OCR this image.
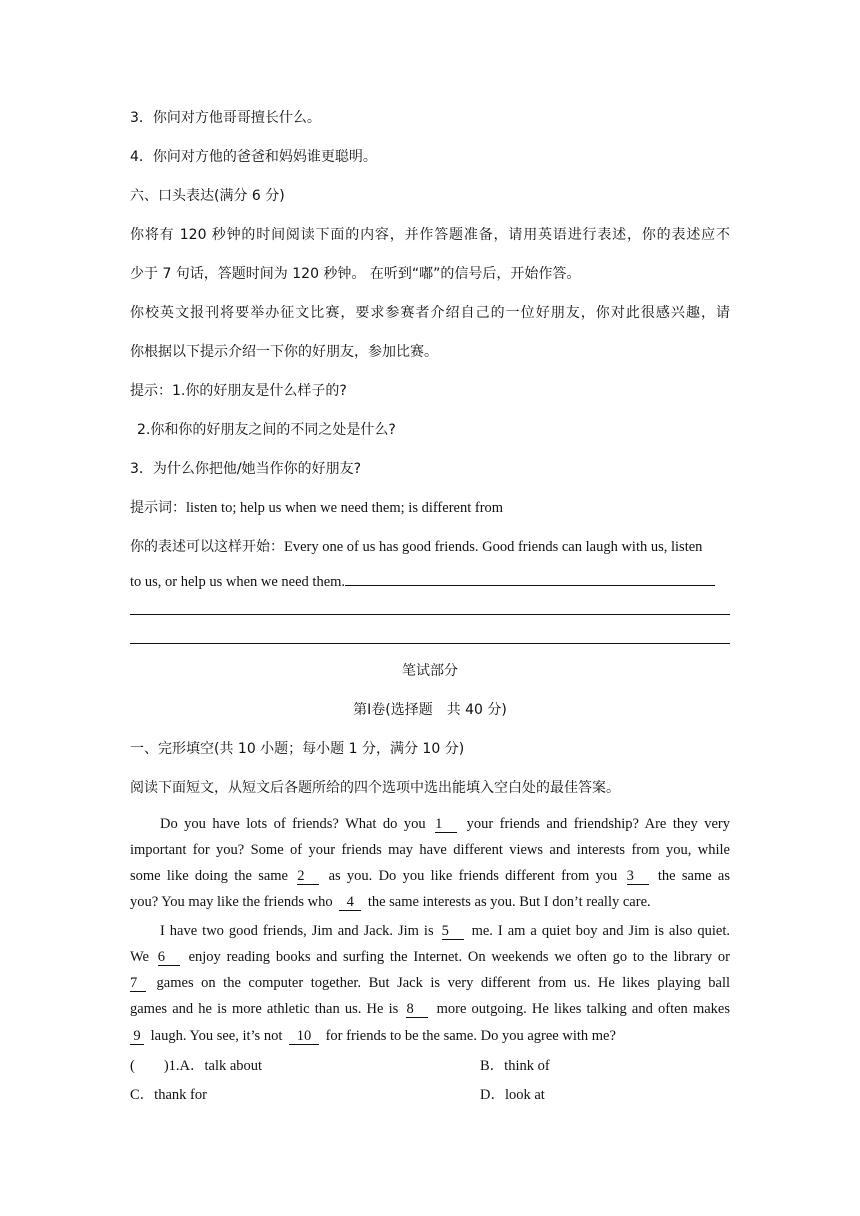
3．你问对方他哥哥擅长什么。
4．你问对方他的爸爸和妈妈谁更聪明。
六、口头表达(满分 6 分)
你将有 120 秒钟的时间阅读下面的内容，并作答题准备，请用英语进行表述，你的表述应不
少于 7 句话，答题时间为 120 秒钟。 在听到“嘟”的信号后，开始作答。
你校英文报刊将要举办征文比赛，要求参赛者介绍自己的一位好朋友，你对此很感兴趣，请
你根据以下提示介绍一下你的好朋友，参加比赛。
提示：1.你的好朋友是什么样子的?
2.你和你的好朋友之间的不同之处是什么?
3．为什么你把他/她当作你的好朋友?
提示词：listen to; help us when we need them; is different from
你的表述可以这样开始：Every one of us has good friends. Good friends can laugh with us, listen
to us, or help us when we need them.
笔试部分
第Ⅰ卷(选择题　共 40 分)
一、完形填空(共 10 小题；每小题 1 分，满分 10 分)
阅读下面短文，从短文后各题所给的四个选项中选出能填入空白处的最佳答案。
Do you have lots of friends? What do you 1 your friends and friendship? Are they very
important for you? Some of your friends may have different views and interests from you, while
some like doing the same 2 as you. Do you like friends different from you 3 the same as
you? You may like the friends who 4 the same interests as you. But I don’t really care.
I have two good friends, Jim and Jack. Jim is 5 me. I am a quiet boy and Jim is also quiet.
We 6 enjoy reading books and surfing the Internet. On weekends we often go to the library or
7 games on the computer together. But Jack is very different from us. He likes playing ball
games and he is more athletic than us. He is 8 more outgoing. He likes talking and often makes
9 laugh. You see, it’s not 10 for friends to be the same. Do you agree with me?
(　　)1.A．talk about	B．think of
C．thank for	D．look at
